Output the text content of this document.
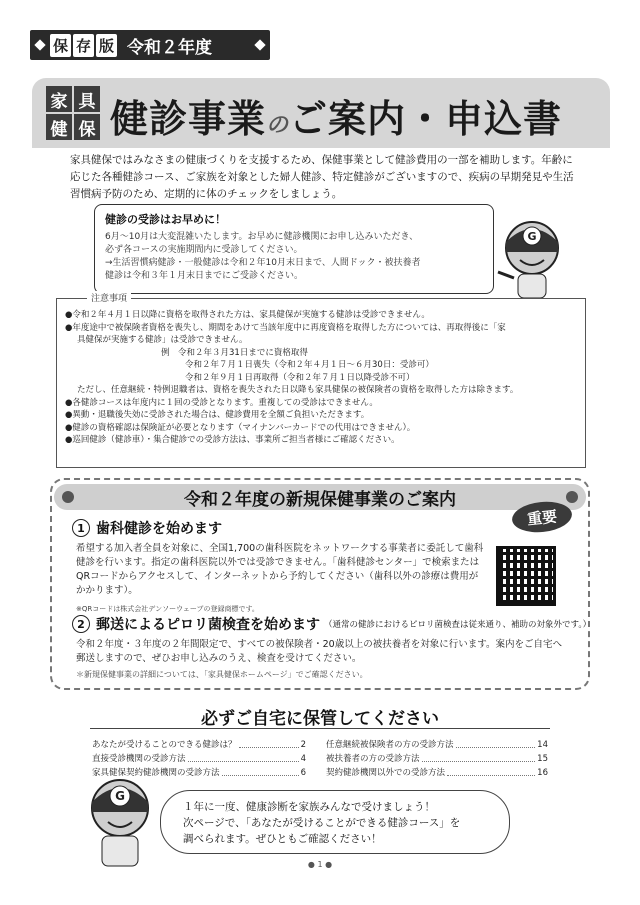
保 存 版 令和２年度
家 具
健 保 健診事業のご案内・申込書
家具健保ではみなさまの健康づくりを支援するため、保健事業として健診費用の一部を補助します。年齢に応じた各種健診コース、ご家族を対象とした婦人健診、特定健診がございますので、疾病の早期発見や生活習慣病予防のため、定期的に体のチェックをしましょう。
健診の受診はお早めに！

6月～10月は大変混雑いたします。お早めに健診機関にお申し込みいただき、

必ず各コースの実施期間内に受診してください。

→生活習慣病健診・一般健診は令和２年10月末日まで、人間ドック・被扶養者

健診は令和３年１月末日までにご受診ください。

G
注意事項
●令和２年４月１日以降に資格を取得された方は、家具健保が実施する健診は受診できません。
●年度途中で被保険者資格を喪失し、期間をあけて当該年度中に再度資格を取得した方については、再取得後に「家
具健保が実施する健診」は受診できません。
例　令和２年３月31日までに資格取得
令和２年７月１日喪失（令和２年４月１日～６月30日：受診可）
令和２年９月１日再取得（令和２年７月１日以降受診不可）
ただし、任意継続・特例退職者は、資格を喪失された日以降も家具健保の被保険者の資格を取得した方は除きます。
●各健診コースは年度内に１回の受診となります。重複しての受診はできません。
●異動・退職後失効に受診された場合は、健診費用を全額ご負担いただきます。
●健診の資格確認は保険証が必要となります（マイナンバーカードでの代用はできません）。
●巡回健診（健診車）・集合健診での受診方法は、事業所ご担当者様にご確認ください。
令和２年度の新規保健事業のご案内
重要
1 歯科健診を始めます
希望する加入者全員を対象に、全国1,700の歯科医院をネットワークする事業者に委託して歯科健診を行います。指定の歯科医院以外では受診できません。「歯科健診センター」で検索またはQRコードからアクセスして、インターネットから予約してください（歯科以外の診療は費用がかかります）。
※QRコードは株式会社デンソーウェーブの登録商標です。
2 郵送によるピロリ菌検査を始めます （通常の健診におけるピロリ菌検査は従来通り、補助の対象外です。）
令和２年度・３年度の２年間限定で、すべての被保険者・20歳以上の被扶養者を対象に行います。案内をご自宅へ郵送しますので、ぜひお申し込みのうえ、検査を受けてください。
＊新規保健事業の詳細については、「家具健保ホームページ」でご確認ください。
必ずご自宅に保管してください
あなたが受けることのできる健診は？	2
直接受診機関の受診方法	4
家具健保契約健診機関の受診方法	6
任意継続被保険者の方の受診方法	14
被扶養者の方の受診方法	15
契約健診機関以外での受診方法	16
G
１年に一度、健康診断を家族みんなで受けましょう！
次ページで、「あなたが受けることができる健診コース」を
調べられます。ぜひともご確認ください！
● 1 ●
